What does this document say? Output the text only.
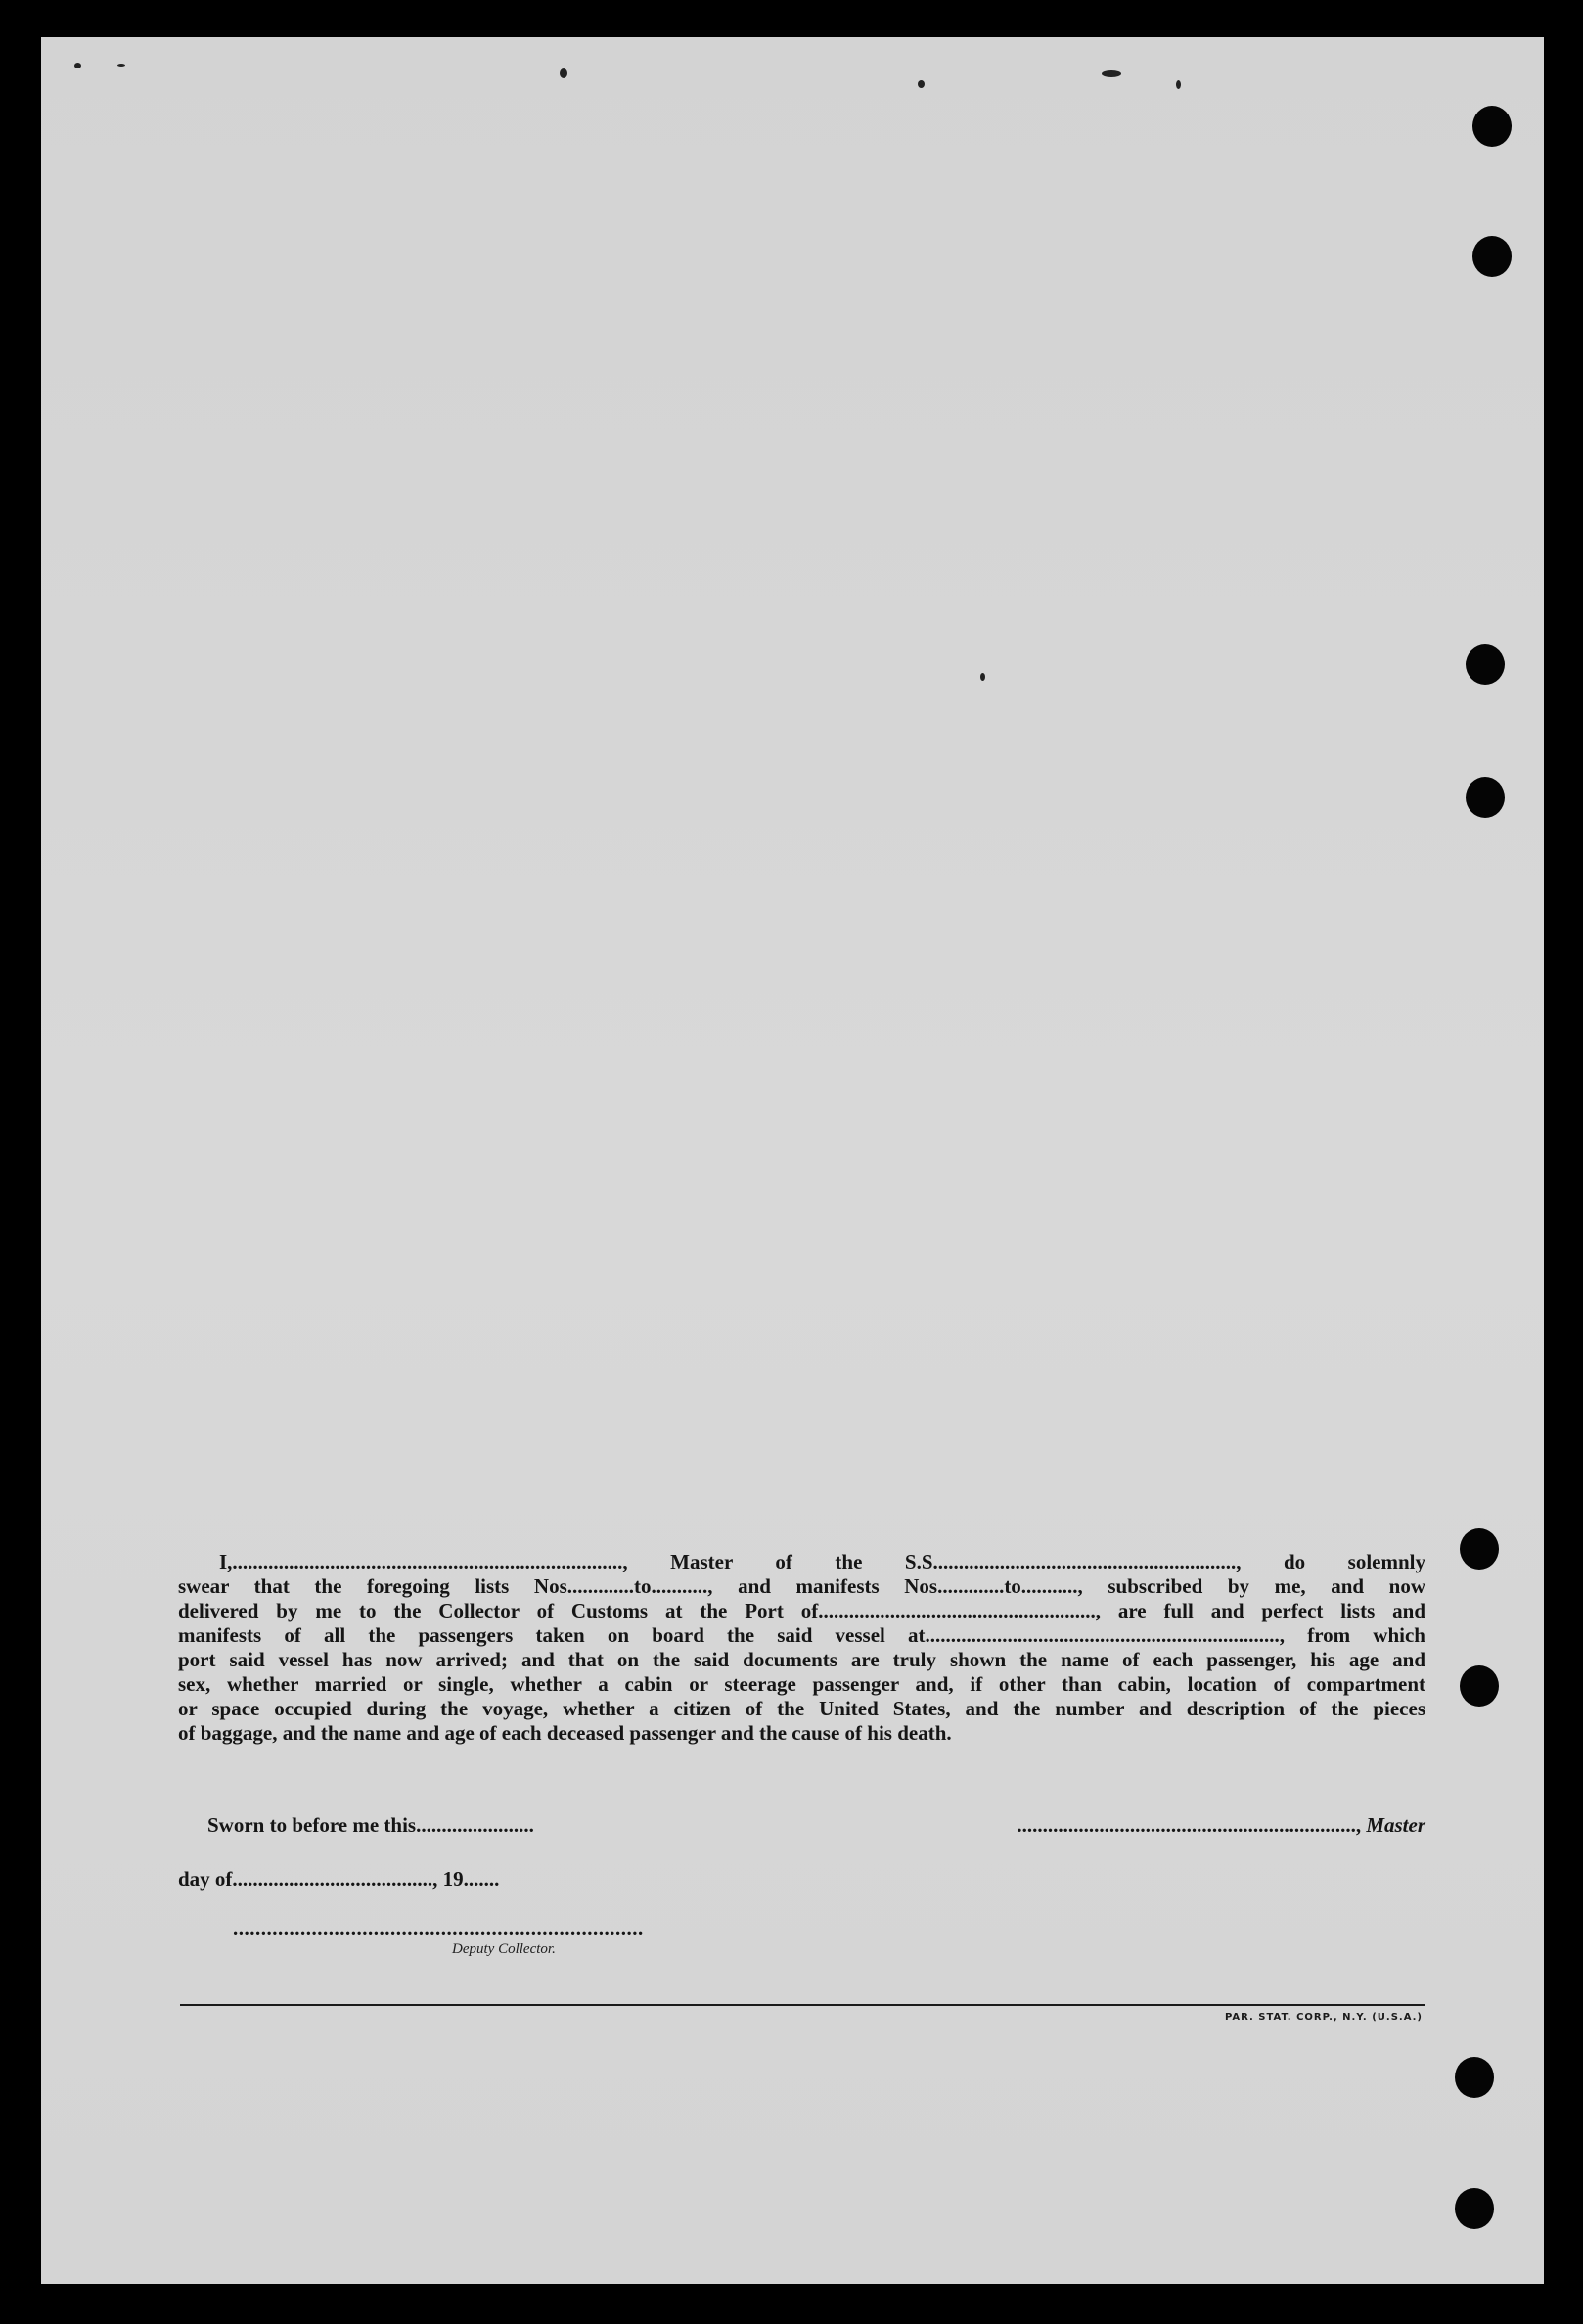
I,............................................................................, Master of the S.S..........................................................., do solemnly
swear that the foregoing lists Nos.............to..........., and manifests Nos.............to..........., subscribed by me, and now
delivered by me to the Collector of Customs at the Port of......................................................, are full and perfect lists and
manifests of all the passengers taken on board the said vessel at....................................................................., from which
port said vessel has now arrived; and that on the said documents are truly shown the name of each passenger, his age and
sex, whether married or single, whether a cabin or steerage passenger and, if other than cabin, location of compartment
or space occupied during the voyage, whether a citizen of the United States, and the number and description of the pieces
of baggage, and the name and age of each deceased passenger and the cause of his death.
Sworn to before me this.......................	.................................................................., Master
day of......................................., 19.......
.........................................................................
Deputy Collector.
PAR. STAT. CORP., N.Y. (U.S.A.)
